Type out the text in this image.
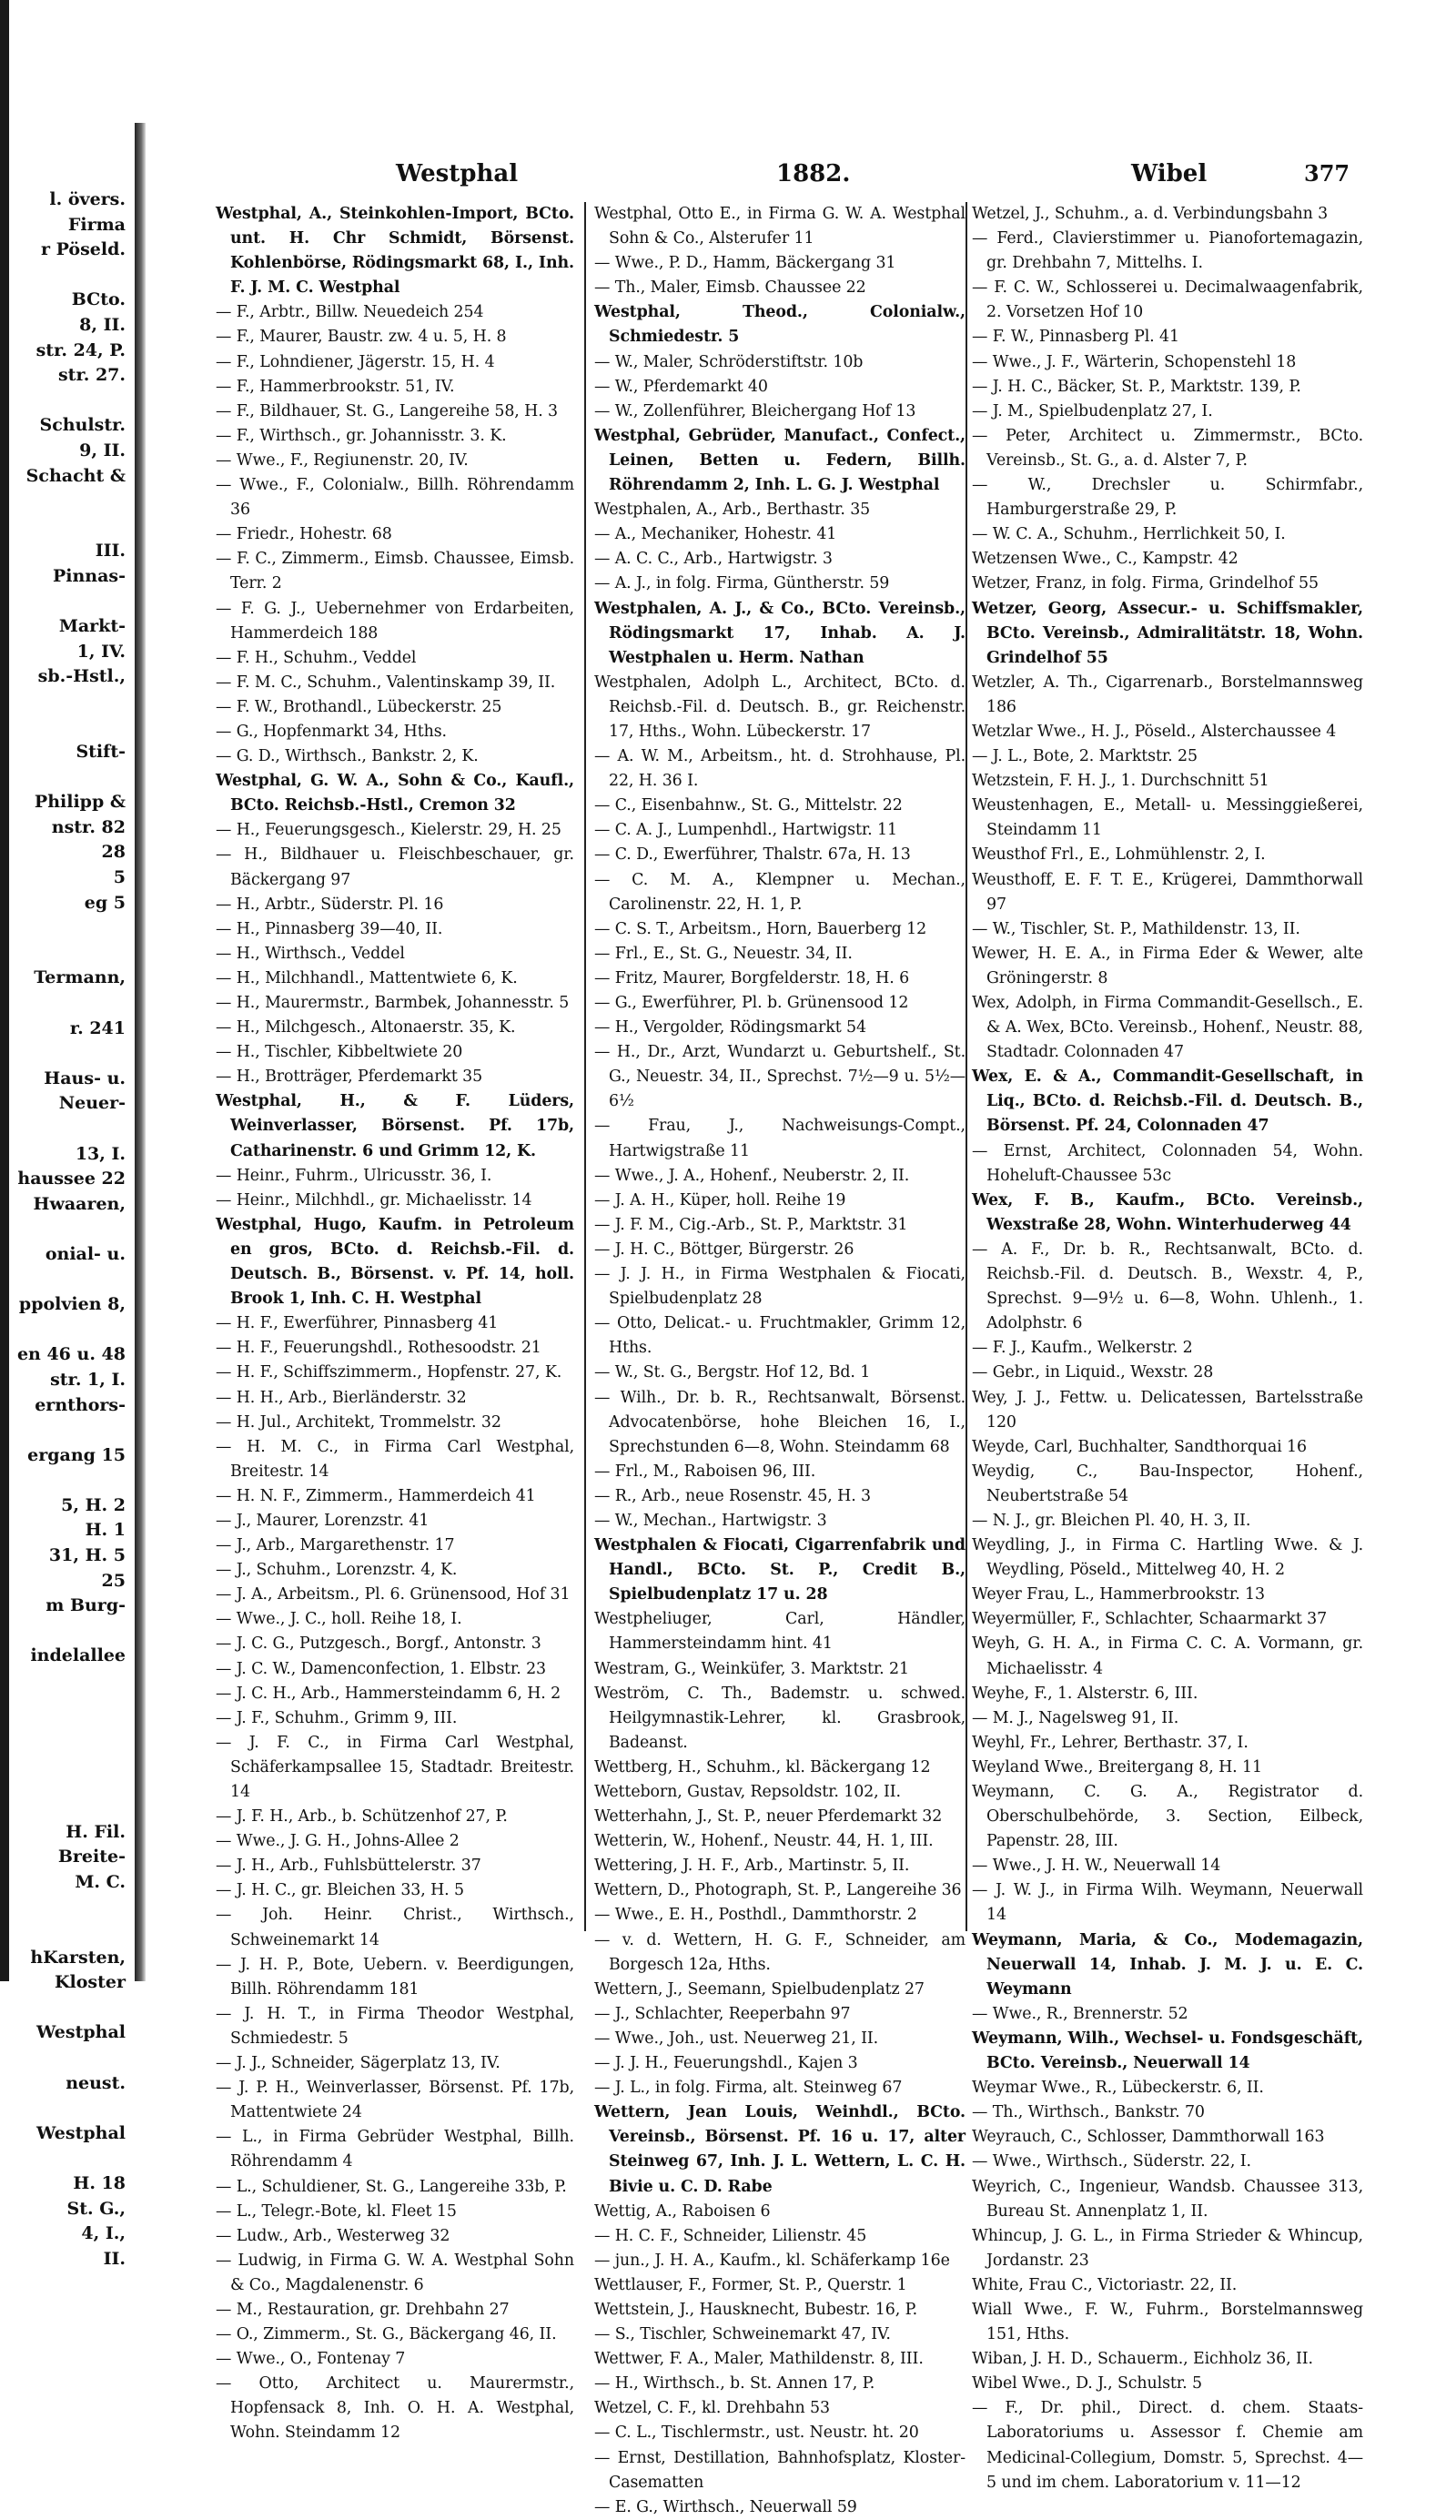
l. övers.
Firma
r Pöseld.
BCto.
8, II.
str. 24, P.
str. 27.
Schulstr.
9, II.
Schacht &
III.
Pinnas-
Markt-
1, IV.
sb.-Hstl.,
Stift-
Philipp &
nstr. 82
28
5
eg 5
Termann,
r. 241
Haus- u.
Neuer-
13, I.
haussee 22
Hwaaren,
onial- u.
ppolvien 8,
en 46 u. 48
str. 1, I.
ernthors-
ergang 15
5, H. 2
H. 1
31, H. 5
25
m Burg-
indelallee
H. Fil.
Breite-
M. C.
hKarsten,
Kloster
Westphal
neust.
Westphal
H. 18
St. G.,
4, I.,
II.
Westphal	1882.	Wibel	377

Westphal, A., Steinkohlen-Import, BCto. unt. H. Chr Schmidt, Börsenst. Kohlenbörse, Rödingsmarkt 68, I., Inh. F. J. M. C. Westphal

— F., Arbtr., Billw. Neuedeich 254

— F., Maurer, Baustr. zw. 4 u. 5, H. 8

— F., Lohndiener, Jägerstr. 15, H. 4

— F., Hammerbrookstr. 51, IV.

— F., Bildhauer, St. G., Langereihe 58, H. 3

— F., Wirthsch., gr. Johannisstr. 3. K.

— Wwe., F., Regiunenstr. 20, IV.

— Wwe., F., Colonialw., Billh. Röhrendamm 36

— Friedr., Hohestr. 68

— F. C., Zimmerm., Eimsb. Chaussee, Eimsb. Terr. 2

— F. G. J., Uebernehmer von Erdarbeiten, Hammerdeich 188

— F. H., Schuhm., Veddel

— F. M. C., Schuhm., Valentinskamp 39, II.

— F. W., Brothandl., Lübeckerstr. 25

— G., Hopfenmarkt 34, Hths.

— G. D., Wirthsch., Bankstr. 2, K.

Westphal, G. W. A., Sohn & Co., Kaufl., BCto. Reichsb.-Hstl., Cremon 32

— H., Feuerungsgesch., Kielerstr. 29, H. 25

— H., Bildhauer u. Fleischbeschauer, gr. Bäckergang 97

— H., Arbtr., Süderstr. Pl. 16

— H., Pinnasberg 39—40, II.

— H., Wirthsch., Veddel

— H., Milchhandl., Mattentwiete 6, K.

— H., Maurermstr., Barmbek, Johannesstr. 5

— H., Milchgesch., Altonaerstr. 35, K.

— H., Tischler, Kibbeltwiete 20

— H., Brotträger, Pferdemarkt 35

Westphal, H., & F. Lüders, Weinverlasser, Börsenst. Pf. 17b, Catharinenstr. 6 und Grimm 12, K.

— Heinr., Fuhrm., Ulricusstr. 36, I.

— Heinr., Milchhdl., gr. Michaelisstr. 14

Westphal, Hugo, Kaufm. in Petroleum en gros, BCto. d. Reichsb.-Fil. d. Deutsch. B., Börsenst. v. Pf. 14, holl. Brook 1, Inh. C. H. Westphal

— H. F., Ewerführer, Pinnasberg 41

— H. F., Feuerungshdl., Rothesoodstr. 21

— H. F., Schiffszimmerm., Hopfenstr. 27, K.

— H. H., Arb., Bierländerstr. 32

— H. Jul., Architekt, Trommelstr. 32

— H. M. C., in Firma Carl Westphal, Breitestr. 14

— H. N. F., Zimmerm., Hammerdeich 41

— J., Maurer, Lorenzstr. 41

— J., Arb., Margarethenstr. 17

— J., Schuhm., Lorenzstr. 4, K.

— J. A., Arbeitsm., Pl. 6. Grünensood, Hof 31

— Wwe., J. C., holl. Reihe 18, I.

— J. C. G., Putzgesch., Borgf., Antonstr. 3

— J. C. W., Damenconfection, 1. Elbstr. 23

— J. C. H., Arb., Hammersteindamm 6, H. 2

— J. F., Schuhm., Grimm 9, III.

— J. F. C., in Firma Carl Westphal, Schäferkampsallee 15, Stadtadr. Breitestr. 14

— J. F. H., Arb., b. Schützenhof 27, P.

— Wwe., J. G. H., Johns-Allee 2

— J. H., Arb., Fuhlsbüttelerstr. 37

— J. H. C., gr. Bleichen 33, H. 5

— Joh. Heinr. Christ., Wirthsch., Schweinemarkt 14

— J. H. P., Bote, Uebern. v. Beerdigungen, Billh. Röhrendamm 181

— J. H. T., in Firma Theodor Westphal, Schmiedestr. 5

— J. J., Schneider, Sägerplatz 13, IV.

— J. P. H., Weinverlasser, Börsenst. Pf. 17b, Mattentwiete 24

— L., in Firma Gebrüder Westphal, Billh. Röhrendamm 4

— L., Schuldiener, St. G., Langereihe 33b, P.

— L., Telegr.-Bote, kl. Fleet 15

— Ludw., Arb., Westerweg 32

— Ludwig, in Firma G. W. A. Westphal Sohn & Co., Magdalenenstr. 6

— M., Restauration, gr. Drehbahn 27

— O., Zimmerm., St. G., Bäckergang 46, II.

— Wwe., O., Fontenay 7

— Otto, Architect u. Maurermstr., Hopfensack 8, Inh. O. H. A. Westphal, Wohn. Steindamm 12

Westphal, Otto E., in Firma G. W. A. Westphal Sohn & Co., Alsterufer 11

— Wwe., P. D., Hamm, Bäckergang 31

— Th., Maler, Eimsb. Chaussee 22

Westphal, Theod., Colonialw., Schmiedestr. 5

— W., Maler, Schröderstiftstr. 10b

— W., Pferdemarkt 40

— W., Zollenführer, Bleichergang Hof 13

Westphal, Gebrüder, Manufact., Confect., Leinen, Betten u. Federn, Billh. Röhrendamm 2, Inh. L. G. J. Westphal

Westphalen, A., Arb., Berthastr. 35

— A., Mechaniker, Hohestr. 41

— A. C. C., Arb., Hartwigstr. 3

— A. J., in folg. Firma, Güntherstr. 59

Westphalen, A. J., & Co., BCto. Vereinsb., Rödingsmarkt 17, Inhab. A. J. Westphalen u. Herm. Nathan

Westphalen, Adolph L., Architect, BCto. d. Reichsb.-Fil. d. Deutsch. B., gr. Reichenstr. 17, Hths., Wohn. Lübeckerstr. 17

— A. W. M., Arbeitsm., ht. d. Strohhause, Pl. 22, H. 36 I.

— C., Eisenbahnw., St. G., Mittelstr. 22

— C. A. J., Lumpenhdl., Hartwigstr. 11

— C. D., Ewerführer, Thalstr. 67a, H. 13

— C. M. A., Klempner u. Mechan., Carolinenstr. 22, H. 1, P.

— C. S. T., Arbeitsm., Horn, Bauerberg 12

— Frl., E., St. G., Neuestr. 34, II.

— Fritz, Maurer, Borgfelderstr. 18, H. 6

— G., Ewerführer, Pl. b. Grünensood 12

— H., Vergolder, Rödingsmarkt 54

— H., Dr., Arzt, Wundarzt u. Geburtshelf., St. G., Neuestr. 34, II., Sprechst. 7½—9 u. 5½—6½

— Frau, J., Nachweisungs-Compt., Hartwigstraße 11

— Wwe., J. A., Hohenf., Neuberstr. 2, II.

— J. A. H., Küper, holl. Reihe 19

— J. F. M., Cig.-Arb., St. P., Marktstr. 31

— J. H. C., Böttger, Bürgerstr. 26

— J. J. H., in Firma Westphalen & Fiocati, Spielbudenplatz 28

— Otto, Delicat.- u. Fruchtmakler, Grimm 12, Hths.

— W., St. G., Bergstr. Hof 12, Bd. 1

— Wilh., Dr. b. R., Rechtsanwalt, Börsenst. Advocatenbörse, hohe Bleichen 16, I., Sprechstunden 6—8, Wohn. Steindamm 68

— Frl., M., Raboisen 96, III.

— R., Arb., neue Rosenstr. 45, H. 3

— W., Mechan., Hartwigstr. 3

Westphalen & Fiocati, Cigarrenfabrik und Handl., BCto. St. P., Credit B., Spielbudenplatz 17 u. 28

Westpheliuger, Carl, Händler, Hammersteindamm hint. 41

Westram, G., Weinküfer, 3. Marktstr. 21

Weström, C. Th., Bademstr. u. schwed. Heilgymnastik-Lehrer, kl. Grasbrook, Badeanst.

Wettberg, H., Schuhm., kl. Bäckergang 12

Wetteborn, Gustav, Repsoldstr. 102, II.

Wetterhahn, J., St. P., neuer Pferdemarkt 32

Wetterin, W., Hohenf., Neustr. 44, H. 1, III.

Wettering, J. H. F., Arb., Martinstr. 5, II.

Wettern, D., Photograph, St. P., Langereihe 36

— Wwe., E. H., Posthdl., Dammthorstr. 2

— v. d. Wettern, H. G. F., Schneider, am Borgesch 12a, Hths.

Wettern, J., Seemann, Spielbudenplatz 27

— J., Schlachter, Reeperbahn 97

— Wwe., Joh., ust. Neuerweg 21, II.

— J. J. H., Feuerungshdl., Kajen 3

— J. L., in folg. Firma, alt. Steinweg 67

Wettern, Jean Louis, Weinhdl., BCto. Vereinsb., Börsenst. Pf. 16 u. 17, alter Steinweg 67, Inh. J. L. Wettern, L. C. H. Bivie u. C. D. Rabe

Wettig, A., Raboisen 6

— H. C. F., Schneider, Lilienstr. 45

— jun., J. H. A., Kaufm., kl. Schäferkamp 16e

Wettlauser, F., Former, St. P., Querstr. 1

Wettstein, J., Hausknecht, Bubestr. 16, P.

— S., Tischler, Schweinemarkt 47, IV.

Wettwer, F. A., Maler, Mathildenstr. 8, III.

— H., Wirthsch., b. St. Annen 17, P.

Wetzel, C. F., kl. Drehbahn 53

— C. L., Tischlermstr., ust. Neustr. ht. 20

— Ernst, Destillation, Bahnhofsplatz, Kloster-Casematten

— E. G., Wirthsch., Neuerwall 59

Wetzel, J., Schuhm., a. d. Verbindungsbahn 3

— Ferd., Clavierstimmer u. Pianofortemagazin, gr. Drehbahn 7, Mittelhs. I.

— F. C. W., Schlosserei u. Decimalwaagenfabrik, 2. Vorsetzen Hof 10

— F. W., Pinnasberg Pl. 41

— Wwe., J. F., Wärterin, Schopenstehl 18

— J. H. C., Bäcker, St. P., Marktstr. 139, P.

— J. M., Spielbudenplatz 27, I.

— Peter, Architect u. Zimmermstr., BCto. Vereinsb., St. G., a. d. Alster 7, P.

— W., Drechsler u. Schirmfabr., Hamburgerstraße 29, P.

— W. C. A., Schuhm., Herrlichkeit 50, I.

Wetzensen Wwe., C., Kampstr. 42

Wetzer, Franz, in folg. Firma, Grindelhof 55

Wetzer, Georg, Assecur.- u. Schiffsmakler, BCto. Vereinsb., Admiralitätstr. 18, Wohn. Grindelhof 55

Wetzler, A. Th., Cigarrenarb., Borstelmannsweg 186

Wetzlar Wwe., H. J., Pöseld., Alsterchaussee 4

— J. L., Bote, 2. Marktstr. 25

Wetzstein, F. H. J., 1. Durchschnitt 51

Weustenhagen, E., Metall- u. Messinggießerei, Steindamm 11

Weusthof Frl., E., Lohmühlenstr. 2, I.

Weusthoff, E. F. T. E., Krügerei, Dammthorwall 97

— W., Tischler, St. P., Mathildenstr. 13, II.

Wewer, H. E. A., in Firma Eder & Wewer, alte Gröningerstr. 8

Wex, Adolph, in Firma Commandit-Gesellsch., E. & A. Wex, BCto. Vereinsb., Hohenf., Neustr. 88, Stadtadr. Colonnaden 47

Wex, E. & A., Commandit-Gesellschaft, in Liq., BCto. d. Reichsb.-Fil. d. Deutsch. B., Börsenst. Pf. 24, Colonnaden 47

— Ernst, Architect, Colonnaden 54, Wohn. Hoheluft-Chaussee 53c

Wex, F. B., Kaufm., BCto. Vereinsb., Wexstraße 28, Wohn. Winterhuderweg 44

— A. F., Dr. b. R., Rechtsanwalt, BCto. d. Reichsb.-Fil. d. Deutsch. B., Wexstr. 4, P., Sprechst. 9—9½ u. 6—8, Wohn. Uhlenh., 1. Adolphstr. 6

— F. J., Kaufm., Welkerstr. 2

— Gebr., in Liquid., Wexstr. 28

Wey, J. J., Fettw. u. Delicatessen, Bartelsstraße 120

Weyde, Carl, Buchhalter, Sandthorquai 16

Weydig, C., Bau-Inspector, Hohenf., Neubertstraße 54

— N. J., gr. Bleichen Pl. 40, H. 3, II.

Weydling, J., in Firma C. Hartling Wwe. & J. Weydling, Pöseld., Mittelweg 40, H. 2

Weyer Frau, L., Hammerbrookstr. 13

Weyermüller, F., Schlachter, Schaarmarkt 37

Weyh, G. H. A., in Firma C. C. A. Vormann, gr. Michaelisstr. 4

Weyhe, F., 1. Alsterstr. 6, III.

— M. J., Nagelsweg 91, II.

Weyhl, Fr., Lehrer, Berthastr. 37, I.

Weyland Wwe., Breitergang 8, H. 11

Weymann, C. G. A., Registrator d. Oberschulbehörde, 3. Section, Eilbeck, Papenstr. 28, III.

— Wwe., J. H. W., Neuerwall 14

— J. W. J., in Firma Wilh. Weymann, Neuerwall 14

Weymann, Maria, & Co., Modemagazin, Neuerwall 14, Inhab. J. M. J. u. E. C. Weymann

— Wwe., R., Brennerstr. 52

Weymann, Wilh., Wechsel- u. Fondsgeschäft, BCto. Vereinsb., Neuerwall 14

Weymar Wwe., R., Lübeckerstr. 6, II.

— Th., Wirthsch., Bankstr. 70

Weyrauch, C., Schlosser, Dammthorwall 163

— Wwe., Wirthsch., Süderstr. 22, I.

Weyrich, C., Ingenieur, Wandsb. Chaussee 313, Bureau St. Annenplatz 1, II.

Whincup, J. G. L., in Firma Strieder & Whincup, Jordanstr. 23

White, Frau C., Victoriastr. 22, II.

Wiall Wwe., F. W., Fuhrm., Borstelmannsweg 151, Hths.

Wiban, J. H. D., Schauerm., Eichholz 36, II.

Wibel Wwe., D. J., Schulstr. 5

— F., Dr. phil., Direct. d. chem. Staats-Laboratoriums u. Assessor f. Chemie am Medicinal-Collegium, Domstr. 5, Sprechst. 4—5 und im chem. Laboratorium v. 11—12
